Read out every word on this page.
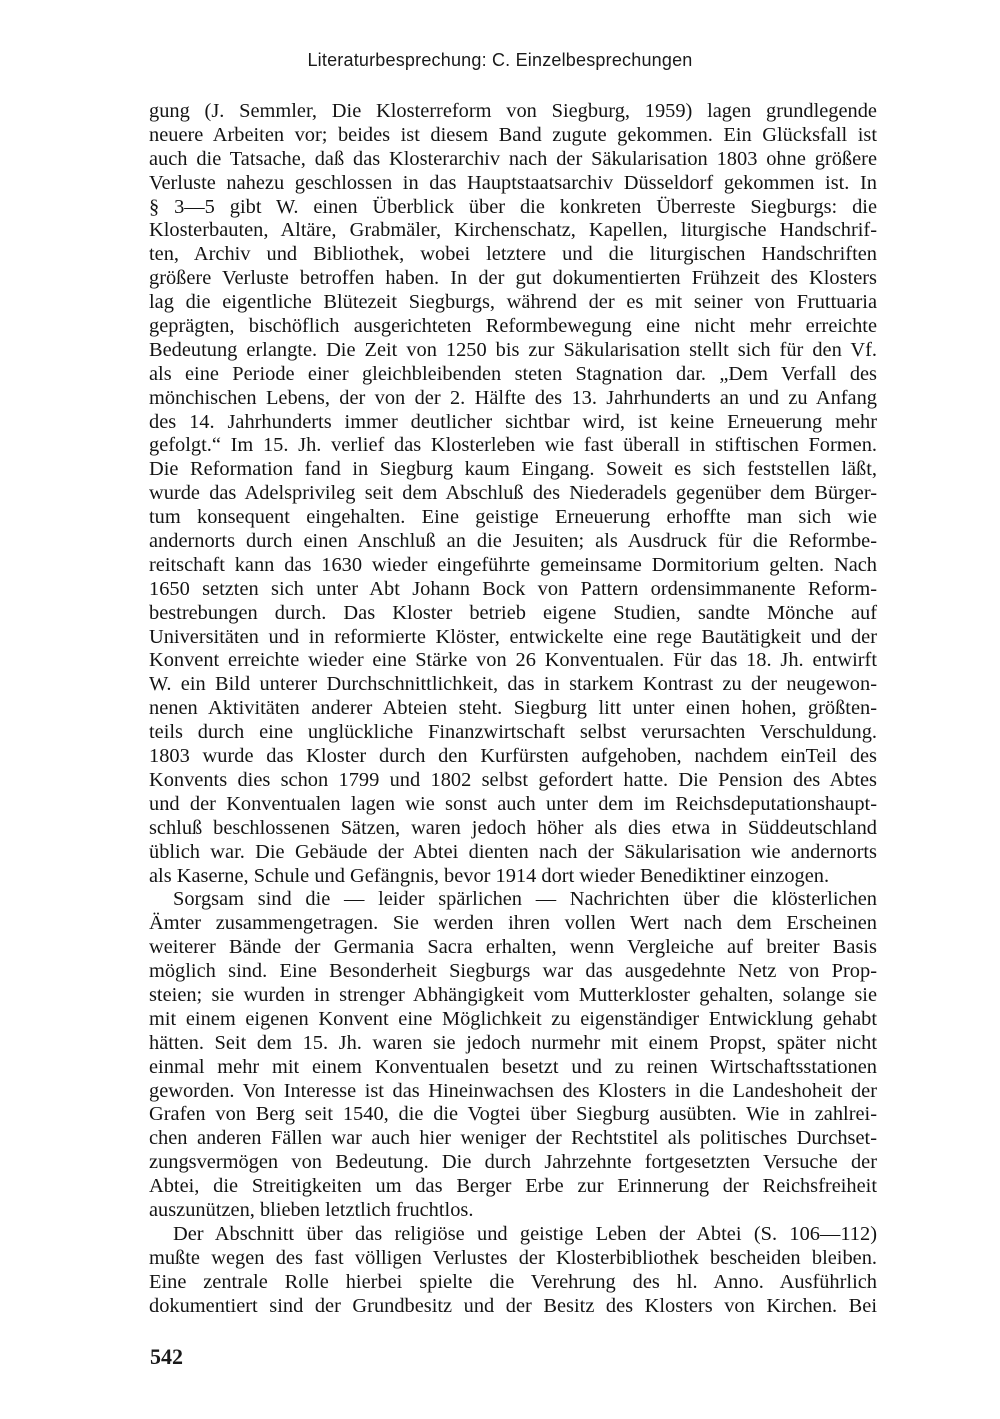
Literaturbesprechung: C. Einzelbesprechungen
gung (J. Semmler, Die Klosterreform von Siegburg, 1959) lagen grundlegende
neuere Arbeiten vor; beides ist diesem Band zugute gekommen. Ein Glücksfall ist
auch die Tatsache, daß das Klosterarchiv nach der Säkularisation 1803 ohne größere
Verluste nahezu geschlossen in das Hauptstaatsarchiv Düsseldorf gekommen ist. In
§ 3—5 gibt W. einen Überblick über die konkreten Überreste Siegburgs: die
Klosterbauten, Altäre, Grabmäler, Kirchenschatz, Kapellen, liturgische Handschrif-
ten, Archiv und Bibliothek, wobei letztere und die liturgischen Handschriften
größere Verluste betroffen haben. In der gut dokumentierten Frühzeit des Klosters
lag die eigentliche Blütezeit Siegburgs, während der es mit seiner von Fruttuaria
geprägten, bischöflich ausgerichteten Reformbewegung eine nicht mehr erreichte
Bedeutung erlangte. Die Zeit von 1250 bis zur Säkularisation stellt sich für den Vf.
als eine Periode einer gleichbleibenden steten Stagnation dar. „Dem Verfall des
mönchischen Lebens, der von der 2. Hälfte des 13. Jahrhunderts an und zu Anfang
des 14. Jahrhunderts immer deutlicher sichtbar wird, ist keine Erneuerung mehr
gefolgt.“ Im 15. Jh. verlief das Klosterleben wie fast überall in stiftischen Formen.
Die Reformation fand in Siegburg kaum Eingang. Soweit es sich feststellen läßt,
wurde das Adelsprivileg seit dem Abschluß des Niederadels gegenüber dem Bürger-
tum konsequent eingehalten. Eine geistige Erneuerung erhoffte man sich wie
andernorts durch einen Anschluß an die Jesuiten; als Ausdruck für die Reformbe-
reitschaft kann das 1630 wieder eingeführte gemeinsame Dormitorium gelten. Nach
1650 setzten sich unter Abt Johann Bock von Pattern ordensimmanente Reform-
bestrebungen durch. Das Kloster betrieb eigene Studien, sandte Mönche auf
Universitäten und in reformierte Klöster, entwickelte eine rege Bautätigkeit und der
Konvent erreichte wieder eine Stärke von 26 Konventualen. Für das 18. Jh. entwirft
W. ein Bild unterer Durchschnittlichkeit, das in starkem Kontrast zu der neugewon-
nenen Aktivitäten anderer Abteien steht. Siegburg litt unter einen hohen, größten-
teils durch eine unglückliche Finanzwirtschaft selbst verursachten Verschuldung.
1803 wurde das Kloster durch den Kurfürsten aufgehoben, nachdem einTeil des
Konvents dies schon 1799 und 1802 selbst gefordert hatte. Die Pension des Abtes
und der Konventualen lagen wie sonst auch unter dem im Reichsdeputationshaupt-
schluß beschlossenen Sätzen, waren jedoch höher als dies etwa in Süddeutschland
üblich war. Die Gebäude der Abtei dienten nach der Säkularisation wie andernorts
als Kaserne, Schule und Gefängnis, bevor 1914 dort wieder Benediktiner einzogen.
Sorgsam sind die — leider spärlichen — Nachrichten über die klösterlichen
Ämter zusammengetragen. Sie werden ihren vollen Wert nach dem Erscheinen
weiterer Bände der Germania Sacra erhalten, wenn Vergleiche auf breiter Basis
möglich sind. Eine Besonderheit Siegburgs war das ausgedehnte Netz von Prop-
steien; sie wurden in strenger Abhängigkeit vom Mutterkloster gehalten, solange sie
mit einem eigenen Konvent eine Möglichkeit zu eigenständiger Entwicklung gehabt
hätten. Seit dem 15. Jh. waren sie jedoch nurmehr mit einem Propst, später nicht
einmal mehr mit einem Konventualen besetzt und zu reinen Wirtschaftsstationen
geworden. Von Interesse ist das Hineinwachsen des Klosters in die Landeshoheit der
Grafen von Berg seit 1540, die die Vogtei über Siegburg ausübten. Wie in zahlrei-
chen anderen Fällen war auch hier weniger der Rechtstitel als politisches Durchset-
zungsvermögen von Bedeutung. Die durch Jahrzehnte fortgesetzten Versuche der
Abtei, die Streitigkeiten um das Berger Erbe zur Erinnerung der Reichsfreiheit
auszunützen, blieben letztlich fruchtlos.
Der Abschnitt über das religiöse und geistige Leben der Abtei (S. 106—112)
mußte wegen des fast völligen Verlustes der Klosterbibliothek bescheiden bleiben.
Eine zentrale Rolle hierbei spielte die Verehrung des hl. Anno. Ausführlich
dokumentiert sind der Grundbesitz und der Besitz des Klosters von Kirchen. Bei
542
